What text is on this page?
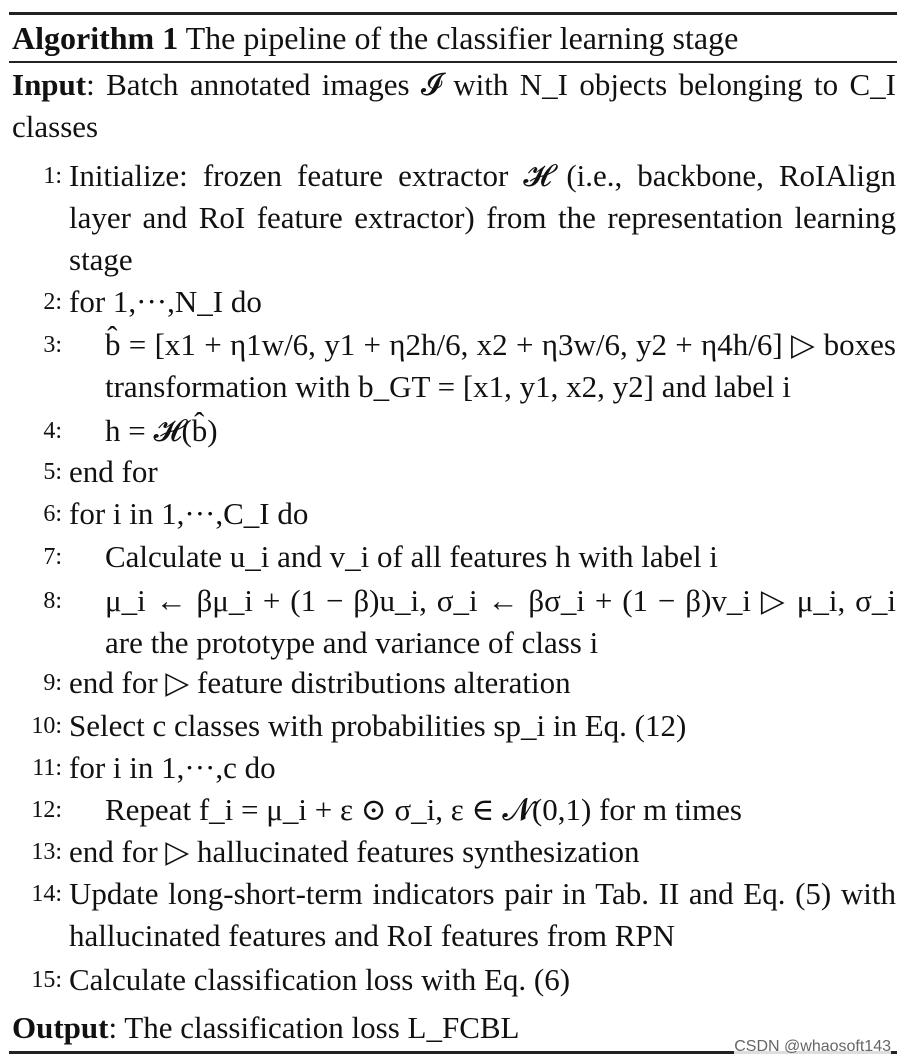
Algorithm 1 The pipeline of the classifier learning stage
Input: Batch annotated images 𝓘 with N_I objects belonging to C_I classes
1: Initialize: frozen feature extractor 𝓗 (i.e., backbone, RoIAlign layer and RoI feature extractor) from the representation learning stage
2: for 1,···,N_I do
3: b̂ = [x1 + η1w/6, y1 + η2h/6, x2 + η3w/6, y2 + η4h/6] ▷ boxes transformation with b_GT = [x1, y1, x2, y2] and label i
4: h = 𝓗(b̂)
5: end for
6: for i in 1,···,C_I do
7: Calculate u_i and v_i of all features h with label i
8: μ_i ← βμ_i + (1 − β)u_i, σ_i ← βσ_i + (1 − β)v_i ▷ μ_i, σ_i are the prototype and variance of class i
9: end for ▷ feature distributions alteration
10: Select c classes with probabilities sp_i in Eq. (12)
11: for i in 1,···,c do
12: Repeat f_i = μ_i + ε ⊙ σ_i, ε ∈ 𝓝(0,1) for m times
13: end for ▷ hallucinated features synthesization
14: Update long-short-term indicators pair in Tab. II and Eq. (5) with hallucinated features and RoI features from RPN
15: Calculate classification loss with Eq. (6)
Output: The classification loss L_FCBL
CSDN @whaosoft143
